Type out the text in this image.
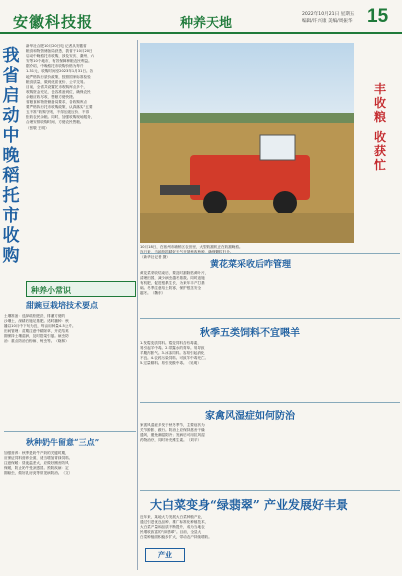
安徽科技报	种养天地
2022年10月21日 星期五
编辑/许兴康 美编/周振华 15
我
省
启
动
中
晚
稻
托
市
收
购
新华社合肥10月20日电 记者从安徽省
粮食和物资储备局获悉，我省于10月20日
启动中晚稻托市收购，涉及安庆、滁州、六
安等10个地市，有效保障种粮农民利益。
据介绍，中晚稻托市收购价格为每斤
1.31元，收购时间至2023年1月31日。各
地严格执行质价政策，按照国家标准检验
粮食质量，做到优质优价、公平交易。
目前，全省共设置托市收购库点多个，
收购资金充足，仓容准备到位，确保农民
余粮应收尽收、售粮方便快捷。
省粮食和物资储备局要求，各收购库点
要严格执行托市收购政策，认真落实“五要
五不准”收购守则，不得压级压价、不得
拒收农民余粮。同时，加强收购现场服务，
合理安排收购时间，方便农民售粮。
（张敬 王明）
种养小常识
甜豌豆栽培技术要点
土壤准备：选择疏松肥沃、排灌方便的
沙壤土，深耕后施足基肥。适时播种：秋
播以10月中下旬为宜，每亩用种量4-5公斤。
田间管理：苗期注意中耕除草，开花结荚
期保持土壤湿润，及时搭架引蔓。病虫防
治：重点防治白粉病、蚜虫等。（晓林）
秋种奶牛留意“三点”
加强营养：秋季是奶牛产奶的关键时期，
应保证饲料营养全面，适当增加青绿饲料。
注意保暖：昼夜温差大，应做好圈舍防风
保暖，防止奶牛受凉感冒。预防疾病：定
期驱虫，做好乳房炎等常见病防治。（文）
10月18日，在宿州市埇桥区农田里，大型收割机正在收割晚稻。
（新华社记者 摄）
丰
收
粮
收
获
忙
黄花菜采收后咋管理
黄花菜采收结束后，要及时割除枯黄叶片，
清理田园，减少病虫越冬基数。同时追施
有机肥，促进根系生长，为来年丰产打基
础。冬季注意培土防寒，保护根茎安全
越冬。（魏东）
秋季五类饲料不宜喂羊
1.发霉变质饲料。霉变饲料含有毒素，
易引起羊中毒。2.带露水的青草。易导致
羊腹泻胀气。3.冰冻饲料。容易引起消化
不良。4.农药污染饲料。可致羊中毒死亡。
5.过量精料。易引发酸中毒。（吴明）
家禽风湿症如何防治
家禽风湿症多发于秋冬季节，主要症状为
关节肿胀、跛行。防治上应保持禽舍干燥
通风，避免潮湿阴冷；发病后可用抗风湿
药物治疗，同时补充维生素。（刘平）
大白菜变身“绿翡翠” 产业发展好丰景
近年来，某地大力发展大白菜种植产业，
通过引进优良品种、推广标准化种植技术，
大白菜产量和品质不断提升，成为当地农
民增收致富的“绿翡翠”。目前，全县大
白菜种植面积稳步扩大，带动农户持续增收。
产业
